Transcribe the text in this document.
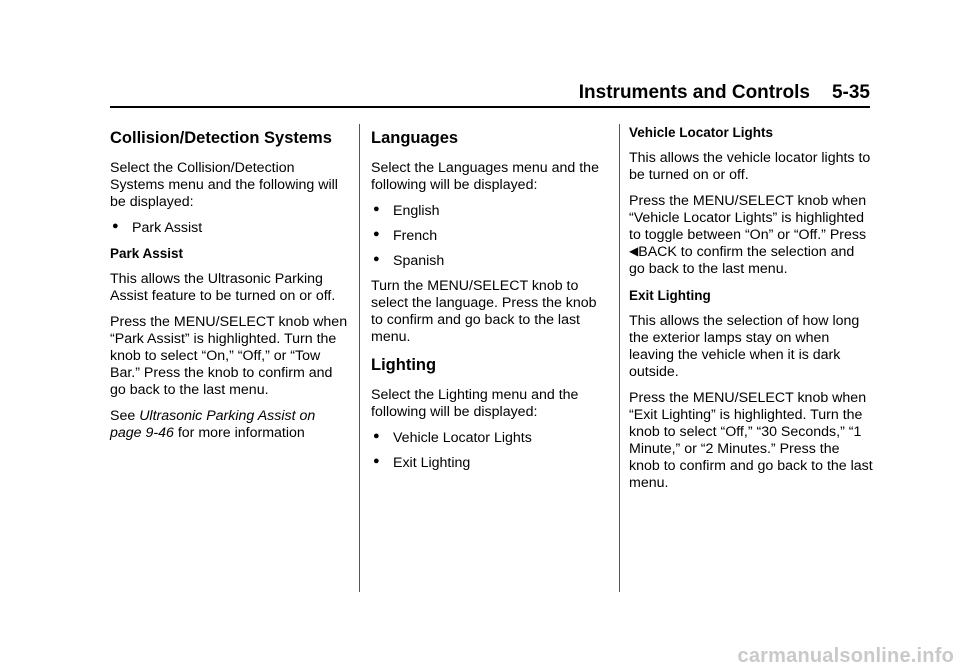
Instruments and Controls 5-35
Collision/Detection Systems

Select the Collision/Detection Systems menu and the following will be displayed:

● Park Assist
Park Assist

This allows the Ultrasonic Parking Assist feature to be turned on or off.

Press the MENU/SELECT knob when “Park Assist” is highlighted. Turn the knob to select “On,” “Off,” or “Tow Bar.” Press the knob to confirm and go back to the last menu.

See Ultrasonic Parking Assist on page 9‑46 for more information

Languages

Select the Languages menu and the following will be displayed:

● English
● French
● Spanish

Turn the MENU/SELECT knob to select the language. Press the knob to confirm and go back to the last menu.

Lighting

Select the Lighting menu and the following will be displayed:

● Vehicle Locator Lights
● Exit Lighting
Vehicle Locator Lights

This allows the vehicle locator lights to be turned on or off.

Press the MENU/SELECT knob when “Vehicle Locator Lights” is highlighted to toggle between “On” or “Off.” Press◀BACK to confirm the selection and go back to the last menu.

Exit Lighting

This allows the selection of how long the exterior lamps stay on when leaving the vehicle when it is dark outside.

Press the MENU/SELECT knob when “Exit Lighting” is highlighted. Turn the knob to select “Off,” “30 Seconds,” “1 Minute,” or “2 Minutes.” Press the knob to confirm and go back to the last menu.

carmanualsonline.info
